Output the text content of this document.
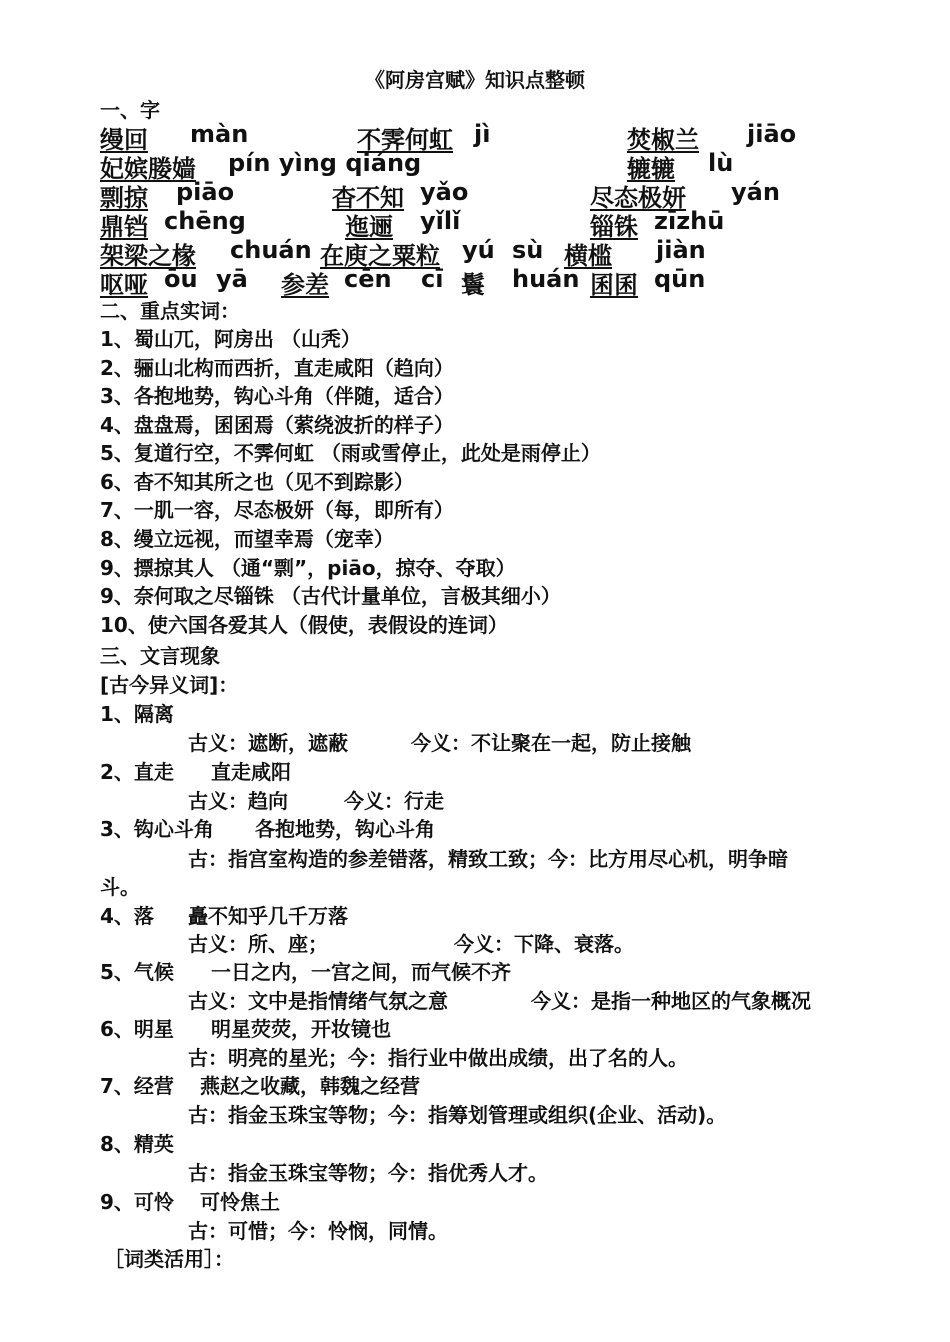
《阿房宫赋》知识点整顿
一、字
缦回 màn	不霁何虹 jì	焚椒兰 jiāo
妃嫔媵嫱 pín yìng qiáng	辘辘 lù
剽掠 piāo	杳不知 yǎo	尽态极妍 yán
鼎铛 chēng	迤逦 yǐlǐ	锱铢 zīzhū
架梁之椽 chuán 在庾之粟粒 yú sù 横槛 jiàn
呕哑 ōu yā 参差 cēn cī 鬟 huán 囷囷 qūn
二、重点实词：
1、蜀山兀，阿房出 （山秃）
2、骊山北构而西折，直走咸阳（趋向）
3、各抱地势，钩心斗角（伴随，适合）
4、盘盘焉，囷囷焉（萦绕波折的样子）
5、复道行空，不霁何虹 （雨或雪停止，此处是雨停止）
6、杳不知其所之也（见不到踪影）
7、一肌一容，尽态极妍（每，即所有）
8、缦立远视，而望幸焉（宠幸）
9、摽掠其人 （通“剽”，piāo，掠夺、夺取）
9、奈何取之尽锱铢 （古代计量单位，言极其细小）
10、使六国各爱其人（假使，表假设的连词）
三、文言现象
[古今异义词]：
1、隔离
古义：遮断，遮蔽	今义：不让聚在一起，防止接触
2、直走 直走咸阳
古义：趋向	今义：行走
3、钩心斗角 各抱地势，钩心斗角
古：指宫室构造的参差错落，精致工致；今：比方用尽心机，明争暗
斗。
4、落 矗不知乎几千万落
古义：所、座；	今义：下降、衰落。
5、气候 一日之内，一宫之间，而气候不齐
古义：文中是指情绪气氛之意	今义：是指一种地区的气象概况
6、明星 明星荧荧，开妆镜也
古：明亮的星光；今：指行业中做出成绩，出了名的人。
7、经营 燕赵之收藏，韩魏之经营
古：指金玉珠宝等物；今：指筹划管理或组织(企业、活动)。
8、精英
古：指金玉珠宝等物；今：指优秀人才。
9、可怜 可怜焦土
古：可惜；今：怜悯，同情。
［词类活用］：
